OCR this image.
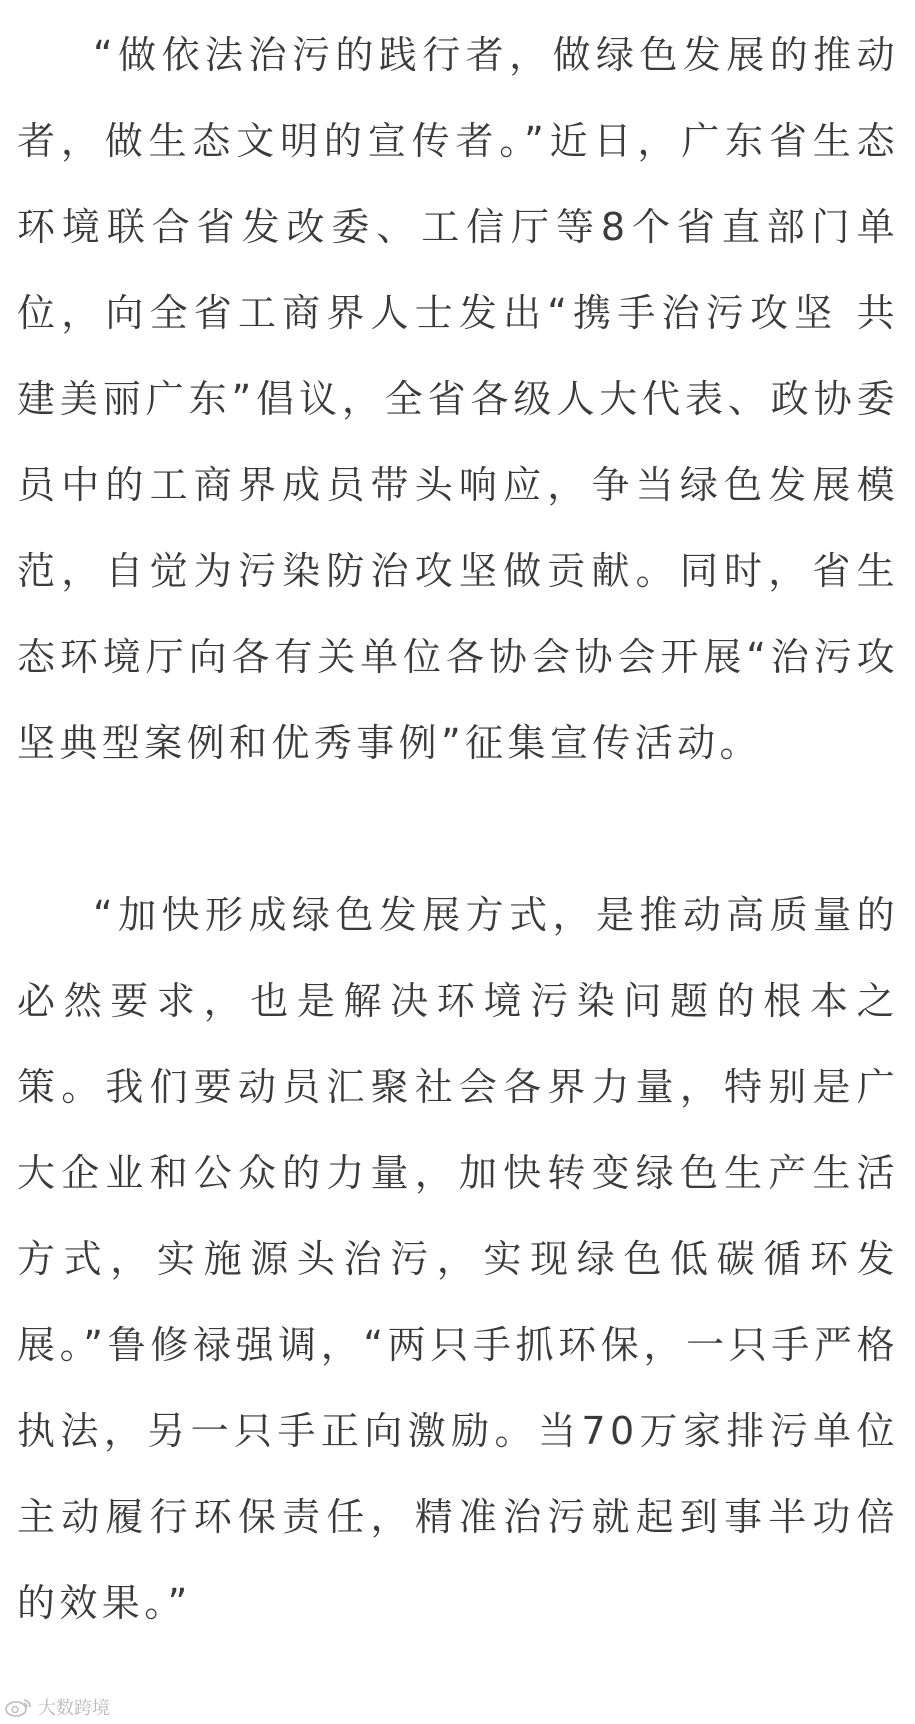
“做依法治污的践行者，做绿色发展的推动者，做生态文明的宣传者。”近日，广东省生态环境联合省发改委、工信厅等8个省直部门单位，向全省工商界人士发出“携手治污攻坚 共建美丽广东”倡议，全省各级人大代表、政协委员中的工商界成员带头响应，争当绿色发展模范，自觉为污染防治攻坚做贡献。同时，省生态环境厅向各有关单位各协会协会开展“治污攻坚典型案例和优秀事例”征集宣传活动。

“加快形成绿色发展方式，是推动高质量的必然要求，也是解决环境污染问题的根本之策。我们要动员汇聚社会各界力量，特别是广大企业和公众的力量，加快转变绿色生产生活方式，实施源头治污，实现绿色低碳循环发展。”鲁修禄强调，“两只手抓环保，一只手严格执法，另一只手正向激励。当70万家排污单位主动履行环保责任，精准治污就起到事半功倍的效果。”

大数跨境
